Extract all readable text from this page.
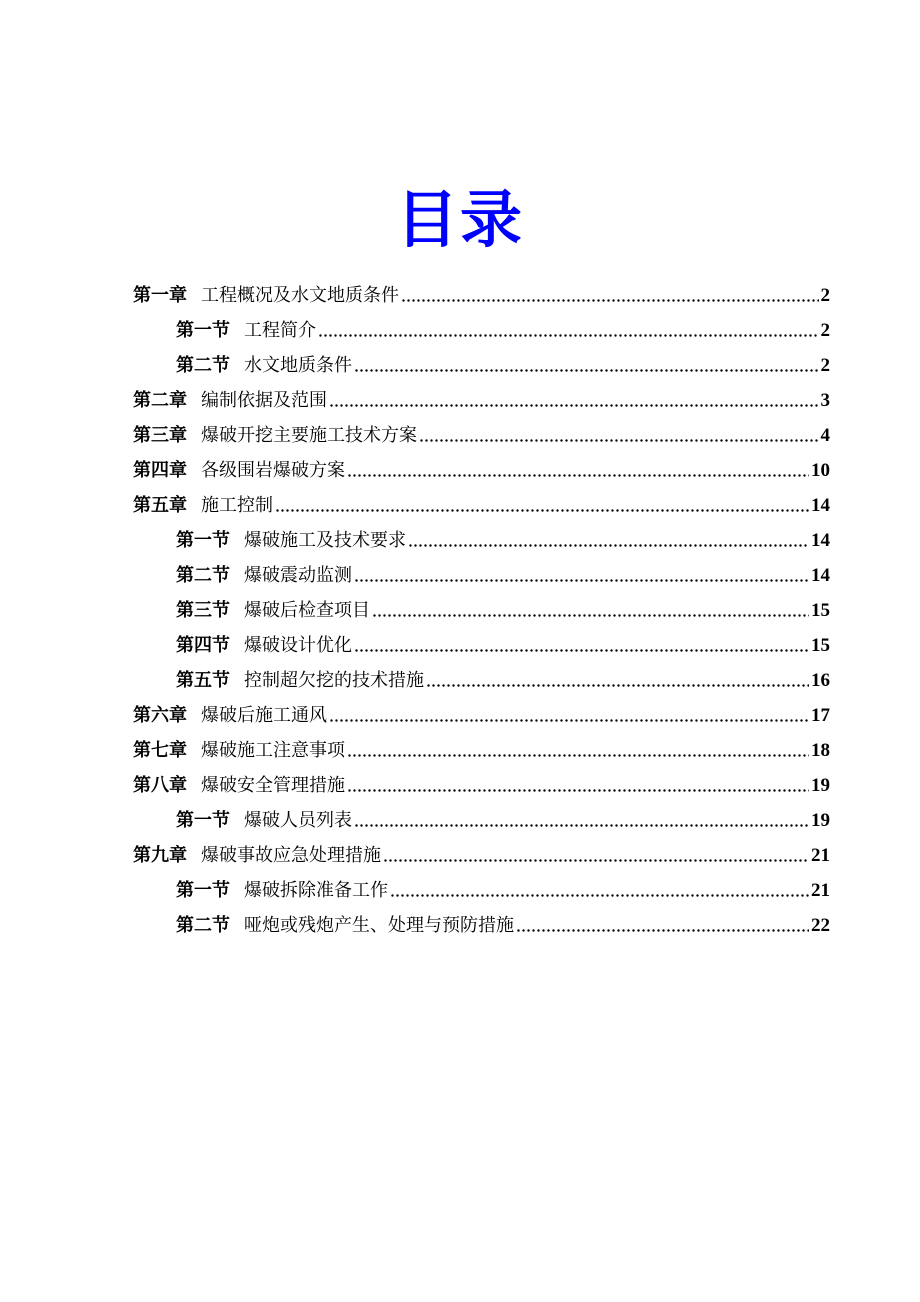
目录
第一章 工程概况及水文地质条件	2
第一节 工程简介	2
第二节 水文地质条件	2
第二章 编制依据及范围	3
第三章 爆破开挖主要施工技术方案	4
第四章 各级围岩爆破方案	10
第五章 施工控制	14
第一节 爆破施工及技术要求	14
第二节 爆破震动监测	14
第三节 爆破后检查项目	15
第四节 爆破设计优化	15
第五节 控制超欠挖的技术措施	16
第六章 爆破后施工通风	17
第七章 爆破施工注意事项	18
第八章 爆破安全管理措施	19
第一节 爆破人员列表	19
第九章 爆破事故应急处理措施	21
第一节 爆破拆除准备工作	21
第二节 哑炮或残炮产生、处理与预防措施	22
